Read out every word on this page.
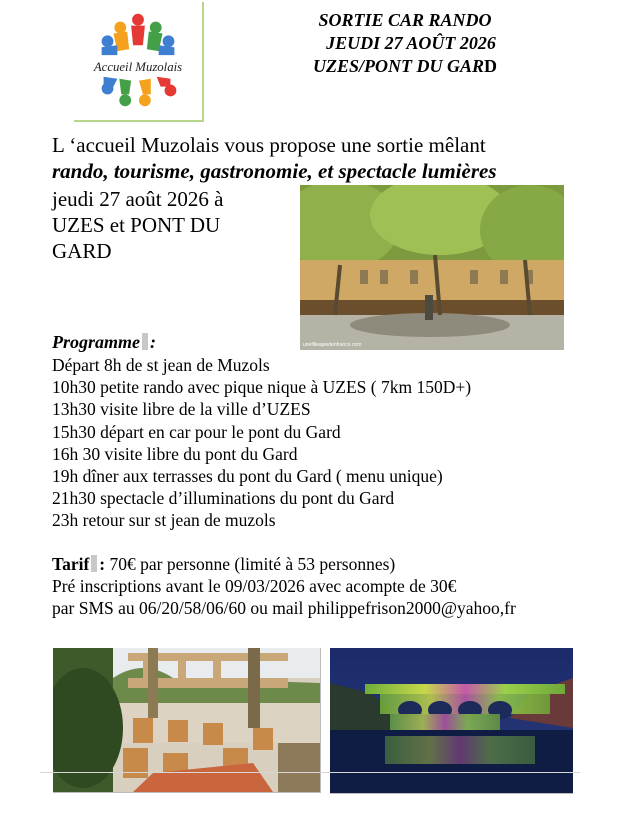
Accueil Muzolais
SORTIE CAR RANDO
JEUDI 27 AOÛT 2026
UZES/PONT DU GARD
L ‘accueil Muzolais vous propose une sortie mêlant
rando, tourisme, gastronomie, et spectacle lumières
jeudi 27 août 2026 à
UZES et PONT DU
GARD
unefilleapiedenfrance.com
Programme :
Départ 8h de st jean de Muzols
10h30 petite rando avec pique nique à UZES ( 7km 150D+)
13h30 visite libre de la ville d’UZES
15h30 départ en car pour le pont du Gard
16h 30 visite libre du pont du Gard
19h dîner aux terrasses du pont du Gard ( menu unique)
21h30 spectacle d’illuminations du pont du Gard
23h retour sur st jean de muzols
Tarif : 70€ par personne (limité à 53 personnes)
Pré inscriptions avant le 09/03/2026 avec acompte de 30€
par SMS au 06/20/58/06/60 ou mail philippefrison2000@yahoo,fr
